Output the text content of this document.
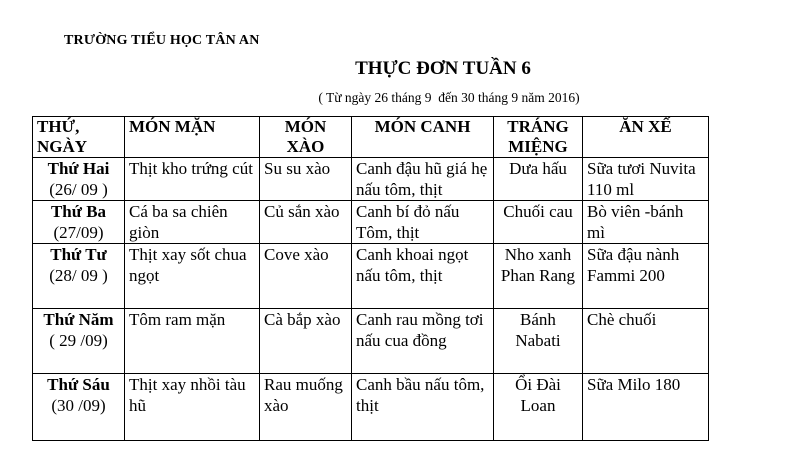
TRƯỜNG TIỂU HỌC TÂN AN
THỰC ĐƠN TUẦN 6
( Từ ngày 26 tháng 9  đến 30 tháng 9 năm 2016)
THỨ, NGÀY	MÓN MẶN	MÓN XÀO	MÓN CANH	TRÁNG MIỆNG	ĂN XẾ

Thứ Hai
(26/ 09 )	Thịt kho trứng cút	Su su xào	Canh đậu hũ giá hẹ nấu tôm, thịt	Dưa hấu	Sữa tươi Nuvita 110 ml

Thứ Ba
(27/09)	Cá ba sa chiên giòn	Củ sắn xào	Canh bí đỏ nấu Tôm, thịt	Chuối cau	Bò viên -bánh mì

Thứ Tư
(28/ 09 )	Thịt xay sốt chua ngọt	Cove xào	Canh khoai ngọt nấu tôm, thịt	Nho xanh Phan Rang	Sữa đậu nành Fammi 200

Thứ Năm
( 29 /09)	Tôm ram mặn	Cà bắp xào	Canh rau mồng tơi nấu cua đồng	Bánh Nabati	Chè chuối

Thứ Sáu
(30 /09)	Thịt xay nhồi tàu hũ	Rau muống xào	Canh bầu nấu tôm, thịt	Ổi Đài Loan	Sữa Milo 180
